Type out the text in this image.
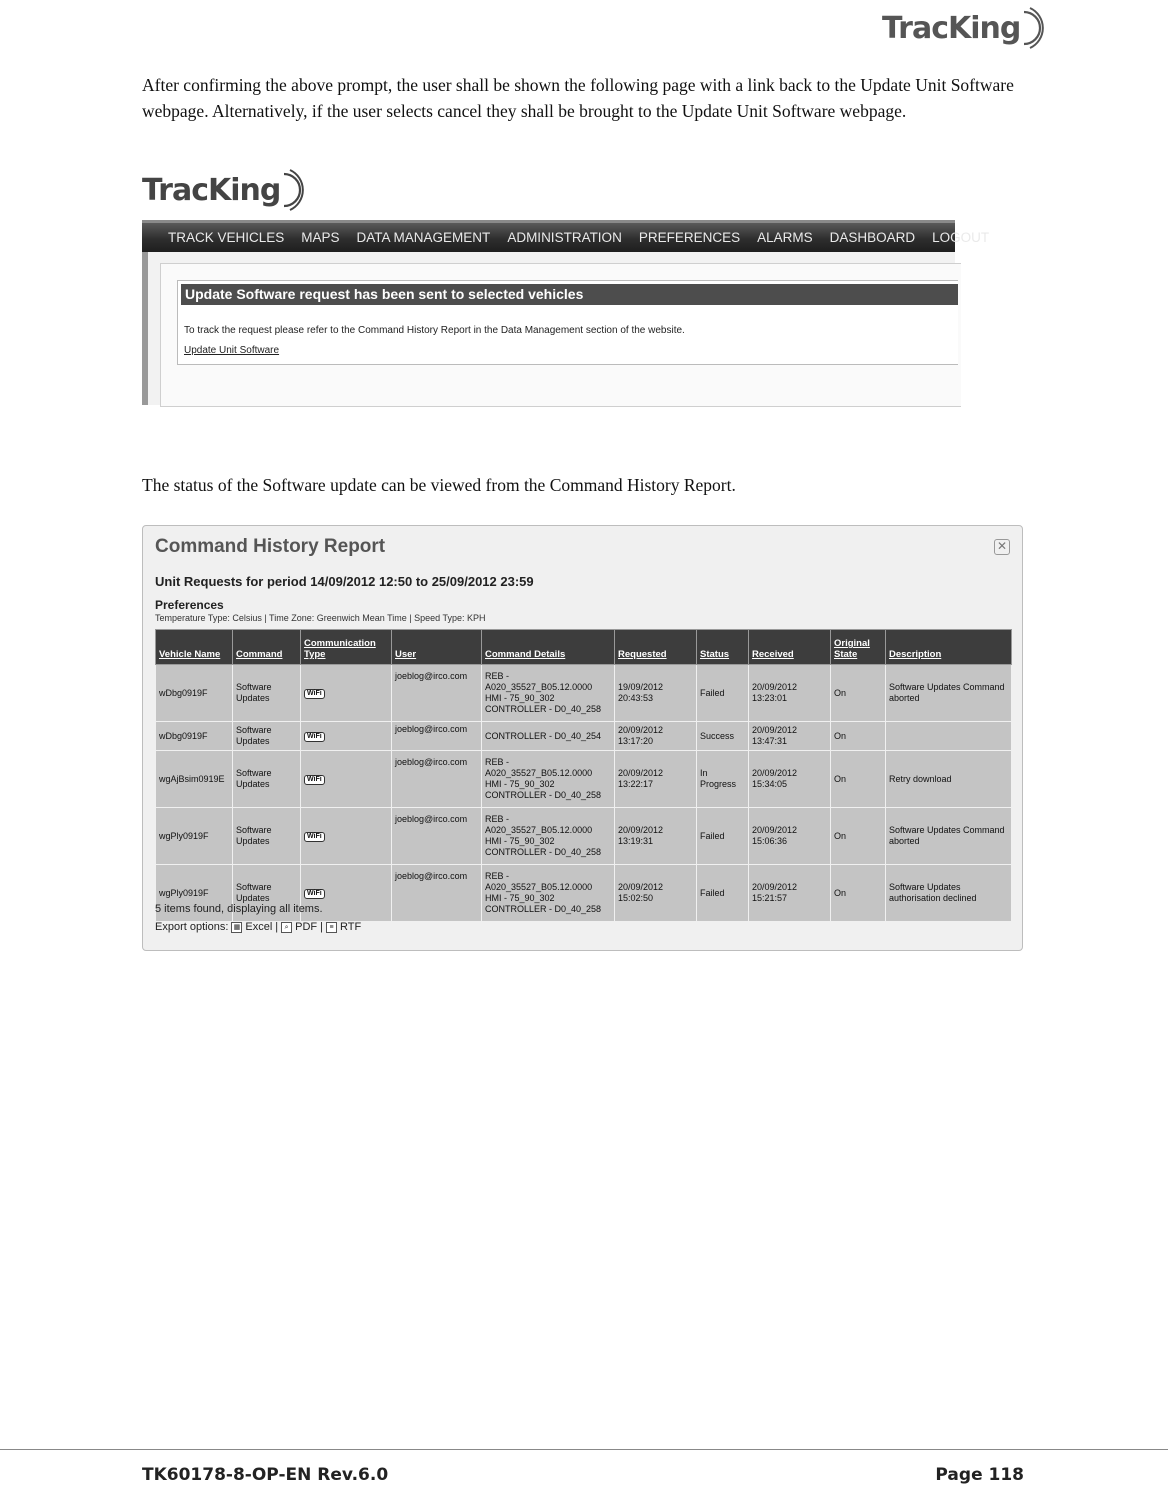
TracKing

After confirming the above prompt, the user shall be shown the following page with a link back to the Update Unit Software webpage. Alternatively, if the user selects cancel they shall be brought to the Update Unit Software webpage.

TracKing
TRACK VEHICLES MAPS DATA MANAGEMENT ADMINISTRATION PREFERENCES ALARMS DASHBOARD LOGOUT
Update Software request has been sent to selected vehicles
To track the request please refer to the Command History Report in the Data Management section of the website.
Update Unit Software

The status of the Software update can be viewed from the Command History Report.

Command History Report	✕
Unit Requests for period 14/09/2012 12:50 to 25/09/2012 23:59
Preferences
Temperature Type: Celsius | Time Zone: Greenwich Mean Time | Speed Type: KPH
Vehicle Name	Command	Communication Type	User	Command Details	Requested	Status	Received	Original State	Description
wDbg0919F	Software Updates	WiFi	joeblog@irco.com	REB - A020_35527_B05.12.0000 HMI - 75_90_302 CONTROLLER - D0_40_258	19/09/2012 20:43:53	Failed	20/09/2012 13:23:01	On	Software Updates Command aborted
wDbg0919F	Software Updates	WiFi	joeblog@irco.com	CONTROLLER - D0_40_254	20/09/2012 13:17:20	Success	20/09/2012 13:47:31	On	
wgAjBsim0919E	Software Updates	WiFi	joeblog@irco.com	REB - A020_35527_B05.12.0000 HMI - 75_90_302 CONTROLLER - D0_40_258	20/09/2012 13:22:17	In Progress	20/09/2012 15:34:05	On	Retry download
wgPly0919F	Software Updates	WiFi	joeblog@irco.com	REB - A020_35527_B05.12.0000 HMI - 75_90_302 CONTROLLER - D0_40_258	20/09/2012 13:19:31	Failed	20/09/2012 15:06:36	On	Software Updates Command aborted
wgPly0919F	Software Updates	WiFi	joeblog@irco.com	REB - A020_35527_B05.12.0000 HMI - 75_90_302 CONTROLLER - D0_40_258	20/09/2012 15:02:50	Failed	20/09/2012 15:21:57	On	Software Updates authorisation declined
5 items found, displaying all items.
Export options: ▦ Excel | ⌕ PDF | ≡ RTF
TK60178-8-OP-EN Rev.6.0	Page 118
